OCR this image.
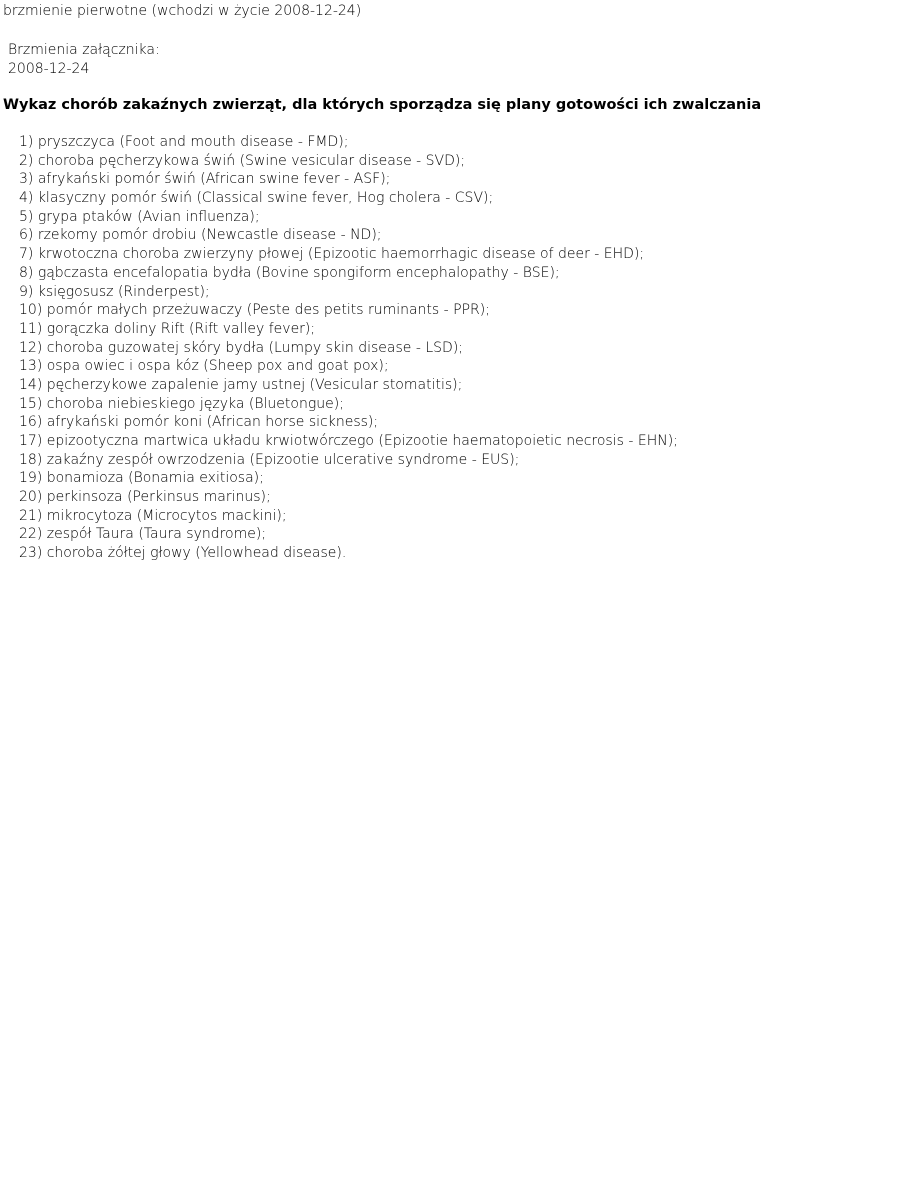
brzmienie pierwotne (wchodzi w życie 2008-12-24)
Brzmienia załącznika:
2008-12-24
Wykaz chorób zakaźnych zwierząt, dla których sporządza się plany gotowości ich zwalczania
1) pryszczyca (Foot and mouth disease - FMD);
2) choroba pęcherzykowa świń (Swine vesicular disease - SVD);
3) afrykański pomór świń (African swine fever - ASF);
4) klasyczny pomór świń (Classical swine fever, Hog cholera - CSV);
5) grypa ptaków (Avian influenza);
6) rzekomy pomór drobiu (Newcastle disease - ND);
7) krwotoczna choroba zwierzyny płowej (Epizootic haemorrhagic disease of deer - EHD);
8) gąbczasta encefalopatia bydła (Bovine spongiform encephalopathy - BSE);
9) księgosusz (Rinderpest);
10) pomór małych przeżuwaczy (Peste des petits ruminants - PPR);
11) gorączka doliny Rift (Rift valley fever);
12) choroba guzowatej skóry bydła (Lumpy skin disease - LSD);
13) ospa owiec i ospa kóz (Sheep pox and goat pox);
14) pęcherzykowe zapalenie jamy ustnej (Vesicular stomatitis);
15) choroba niebieskiego języka (Bluetongue);
16) afrykański pomór koni (African horse sickness);
17) epizootyczna martwica układu krwiotwórczego (Epizootie haematopoietic necrosis - EHN);
18) zakaźny zespół owrzodzenia (Epizootie ulcerative syndrome - EUS);
19) bonamioza (Bonamia exitiosa);
20) perkinsoza (Perkinsus marinus);
21) mikrocytoza (Microcytos mackini);
22) zespół Taura (Taura syndrome);
23) choroba żółtej głowy (Yellowhead disease).
